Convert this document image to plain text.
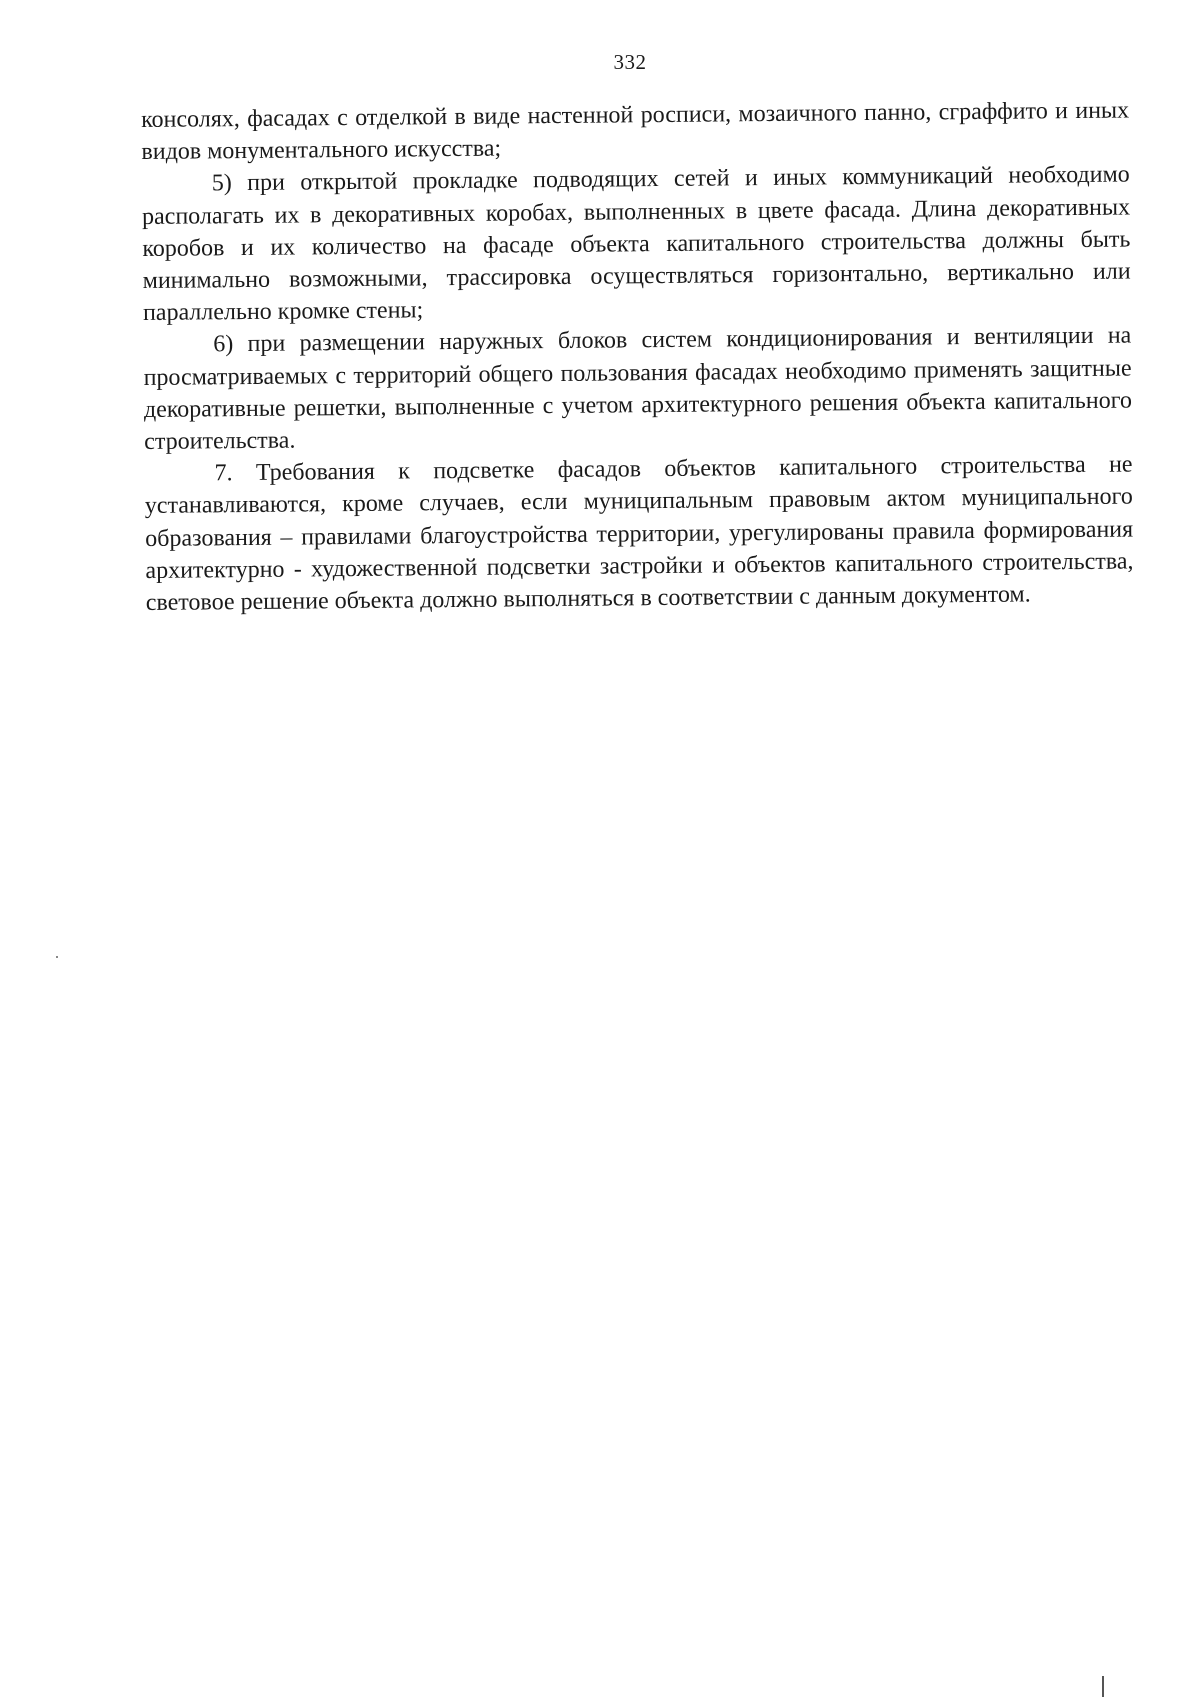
332

консолях, фасадах с отделкой в виде настенной росписи, мозаичного панно, сграффито и иных видов монументального искусства;

5) при открытой прокладке подводящих сетей и иных коммуникаций необходимо располагать их в декоративных коробах, выполненных в цвете фасада. Длина декоративных коробов и их количество на фасаде объекта капитального строительства должны быть минимально возможными, трассировка осуществляться горизонтально, вертикально или параллельно кромке стены;

6) при размещении наружных блоков систем кондиционирования и вентиляции на просматриваемых с территорий общего пользования фасадах необходимо применять защитные декоративные решетки, выполненные с учетом архитектурного решения объекта капитального строительства.

7. Требования к подсветке фасадов объектов капитального строительства не устанавливаются, кроме случаев, если муниципальным правовым актом муниципального образования – правилами благоустройства территории, урегулированы правила формирования архитектурно - художественной подсветки застройки и объектов капитального строительства, световое решение объекта должно выполняться в соответствии с данным документом.
